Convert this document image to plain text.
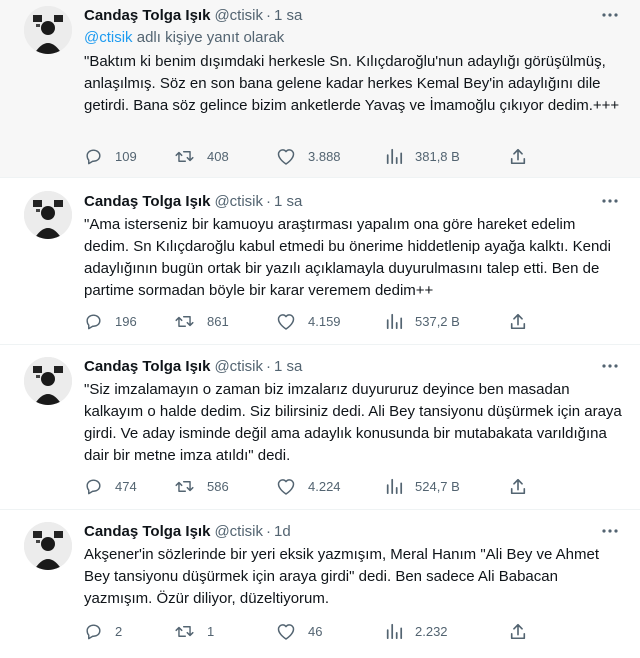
Candaş Tolga Işık @ctisik · 1 sa
@ctisik adlı kişiye yanıt olarak
"Baktım ki benim dışımdaki herkesle Sn. Kılıçdaroğlu'nun adaylığı görüşülmüş, anlaşılmış. Söz en son bana gelene kadar herkes Kemal Bey'in adaylığını dile getirdi. Bana söz gelince bizim anketlerde Yavaş ve İmamoğlu çıkıyor dedim.+++
109	408	3.888	381,8 B
Candaş Tolga Işık @ctisik · 1 sa
"Ama isterseniz bir kamuoyu araştırması yapalım ona göre hareket edelim dedim. Sn Kılıçdaroğlu kabul etmedi bu önerime hiddetlenip ayağa kalktı. Kendi adaylığının bugün ortak bir yazılı açıklamayla duyurulmasını talep etti. Ben de partime sormadan böyle bir karar veremem dedim++
196	861	4.159	537,2 B
Candaş Tolga Işık @ctisik · 1 sa
"Siz imzalamayın o zaman biz imzalarız duyururuz deyince ben masadan kalkayım o halde dedim. Siz bilirsiniz dedi. Ali Bey tansiyonu düşürmek için araya girdi. Ve aday isminde değil ama adaylık konusunda bir mutabakata varıldığına dair bir metne imza atıldı" dedi.
474	586	4.224	524,7 B
Candaş Tolga Işık @ctisik · 1d
Akşener'in sözlerinde bir yeri eksik yazmışım, Meral Hanım "Ali Bey ve Ahmet Bey tansiyonu düşürmek için araya girdi" dedi. Ben sadece Ali Babacan yazmışım. Özür diliyor, düzeltiyorum.
2	1	46	2.232
